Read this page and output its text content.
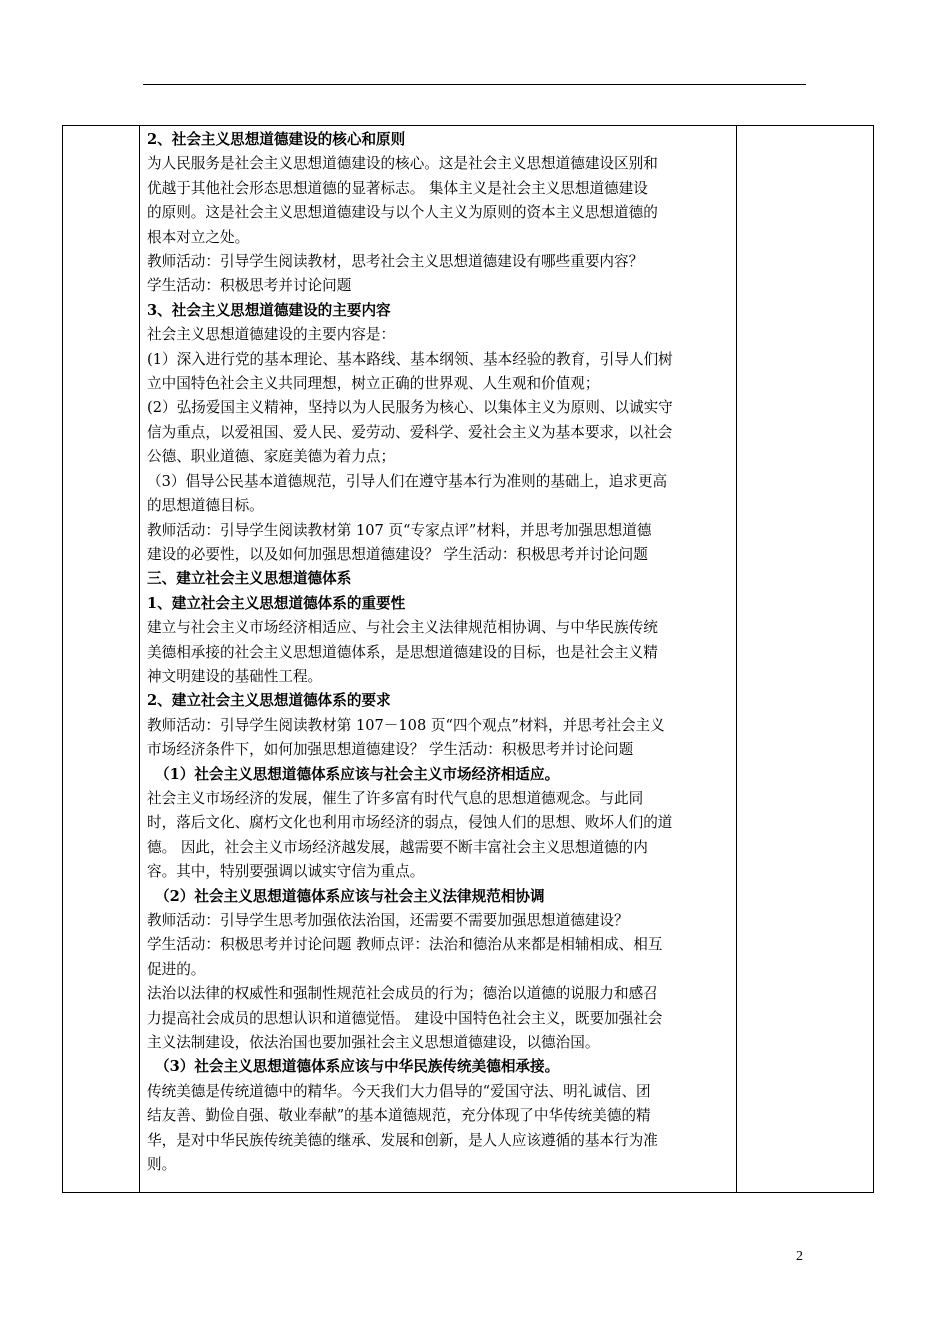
2、社会主义思想道德建设的核心和原则

为人民服务是社会主义思想道德建设的核心。这是社会主义思想道德建设区别和

优越于其他社会形态思想道德的显著标志。 集体主义是社会主义思想道德建设

的原则。这是社会主义思想道德建设与以个人主义为原则的资本主义思想道德的

根本对立之处。

教师活动：引导学生阅读教材，思考社会主义思想道德建设有哪些重要内容？

学生活动：积极思考并讨论问题

3、社会主义思想道德建设的主要内容

社会主义思想道德建设的主要内容是：

(1）深入进行党的基本理论、基本路线、基本纲领、基本经验的教育，引导人们树

立中国特色社会主义共同理想，树立正确的世界观、人生观和价值观；

(2）弘扬爱国主义精神，坚持以为人民服务为核心、以集体主义为原则、以诚实守

信为重点，以爱祖国、爱人民、爱劳动、爱科学、爱社会主义为基本要求，以社会

公德、职业道德、家庭美德为着力点；

（3）倡导公民基本道德规范，引导人们在遵守基本行为准则的基础上，追求更高

的思想道德目标。

教师活动：引导学生阅读教材第 107 页“专家点评”材料，并思考加强思想道德

建设的必要性，以及如何加强思想道德建设？ 学生活动：积极思考并讨论问题

三、建立社会主义思想道德体系

1、建立社会主义思想道德体系的重要性

建立与社会主义市场经济相适应、与社会主义法律规范相协调、与中华民族传统

美德相承接的社会主义思想道德体系，是思想道德建设的目标，也是社会主义精

神文明建设的基础性工程。

2、建立社会主义思想道德体系的要求

教师活动：引导学生阅读教材第 107－108 页“四个观点”材料，并思考社会主义

市场经济条件下，如何加强思想道德建设？ 学生活动：积极思考并讨论问题

（1）社会主义思想道德体系应该与社会主义市场经济相适应。

社会主义市场经济的发展，催生了许多富有时代气息的思想道德观念。与此同

时，落后文化、腐朽文化也利用市场经济的弱点，侵蚀人们的思想、败坏人们的道

德。 因此，社会主义市场经济越发展，越需要不断丰富社会主义思想道德的内

容。其中，特别要强调以诚实守信为重点。

（2）社会主义思想道德体系应该与社会主义法律规范相协调

教师活动：引导学生思考加强依法治国，还需要不需要加强思想道德建设？

学生活动：积极思考并讨论问题 教师点评：法治和德治从来都是相辅相成、相互

促进的。

法治以法律的权威性和强制性规范社会成员的行为；德治以道德的说服力和感召

力提高社会成员的思想认识和道德觉悟。 建设中国特色社会主义，既要加强社会

主义法制建设，依法治国也要加强社会主义思想道德建设，以德治国。

（3）社会主义思想道德体系应该与中华民族传统美德相承接。

传统美德是传统道德中的精华。今天我们大力倡导的“爱国守法、明礼诚信、团

结友善、勤俭自强、敬业奉献”的基本道德规范，充分体现了中华传统美德的精

华，是对中华民族传统美德的继承、发展和创新，是人人应该遵循的基本行为准

则。

2
